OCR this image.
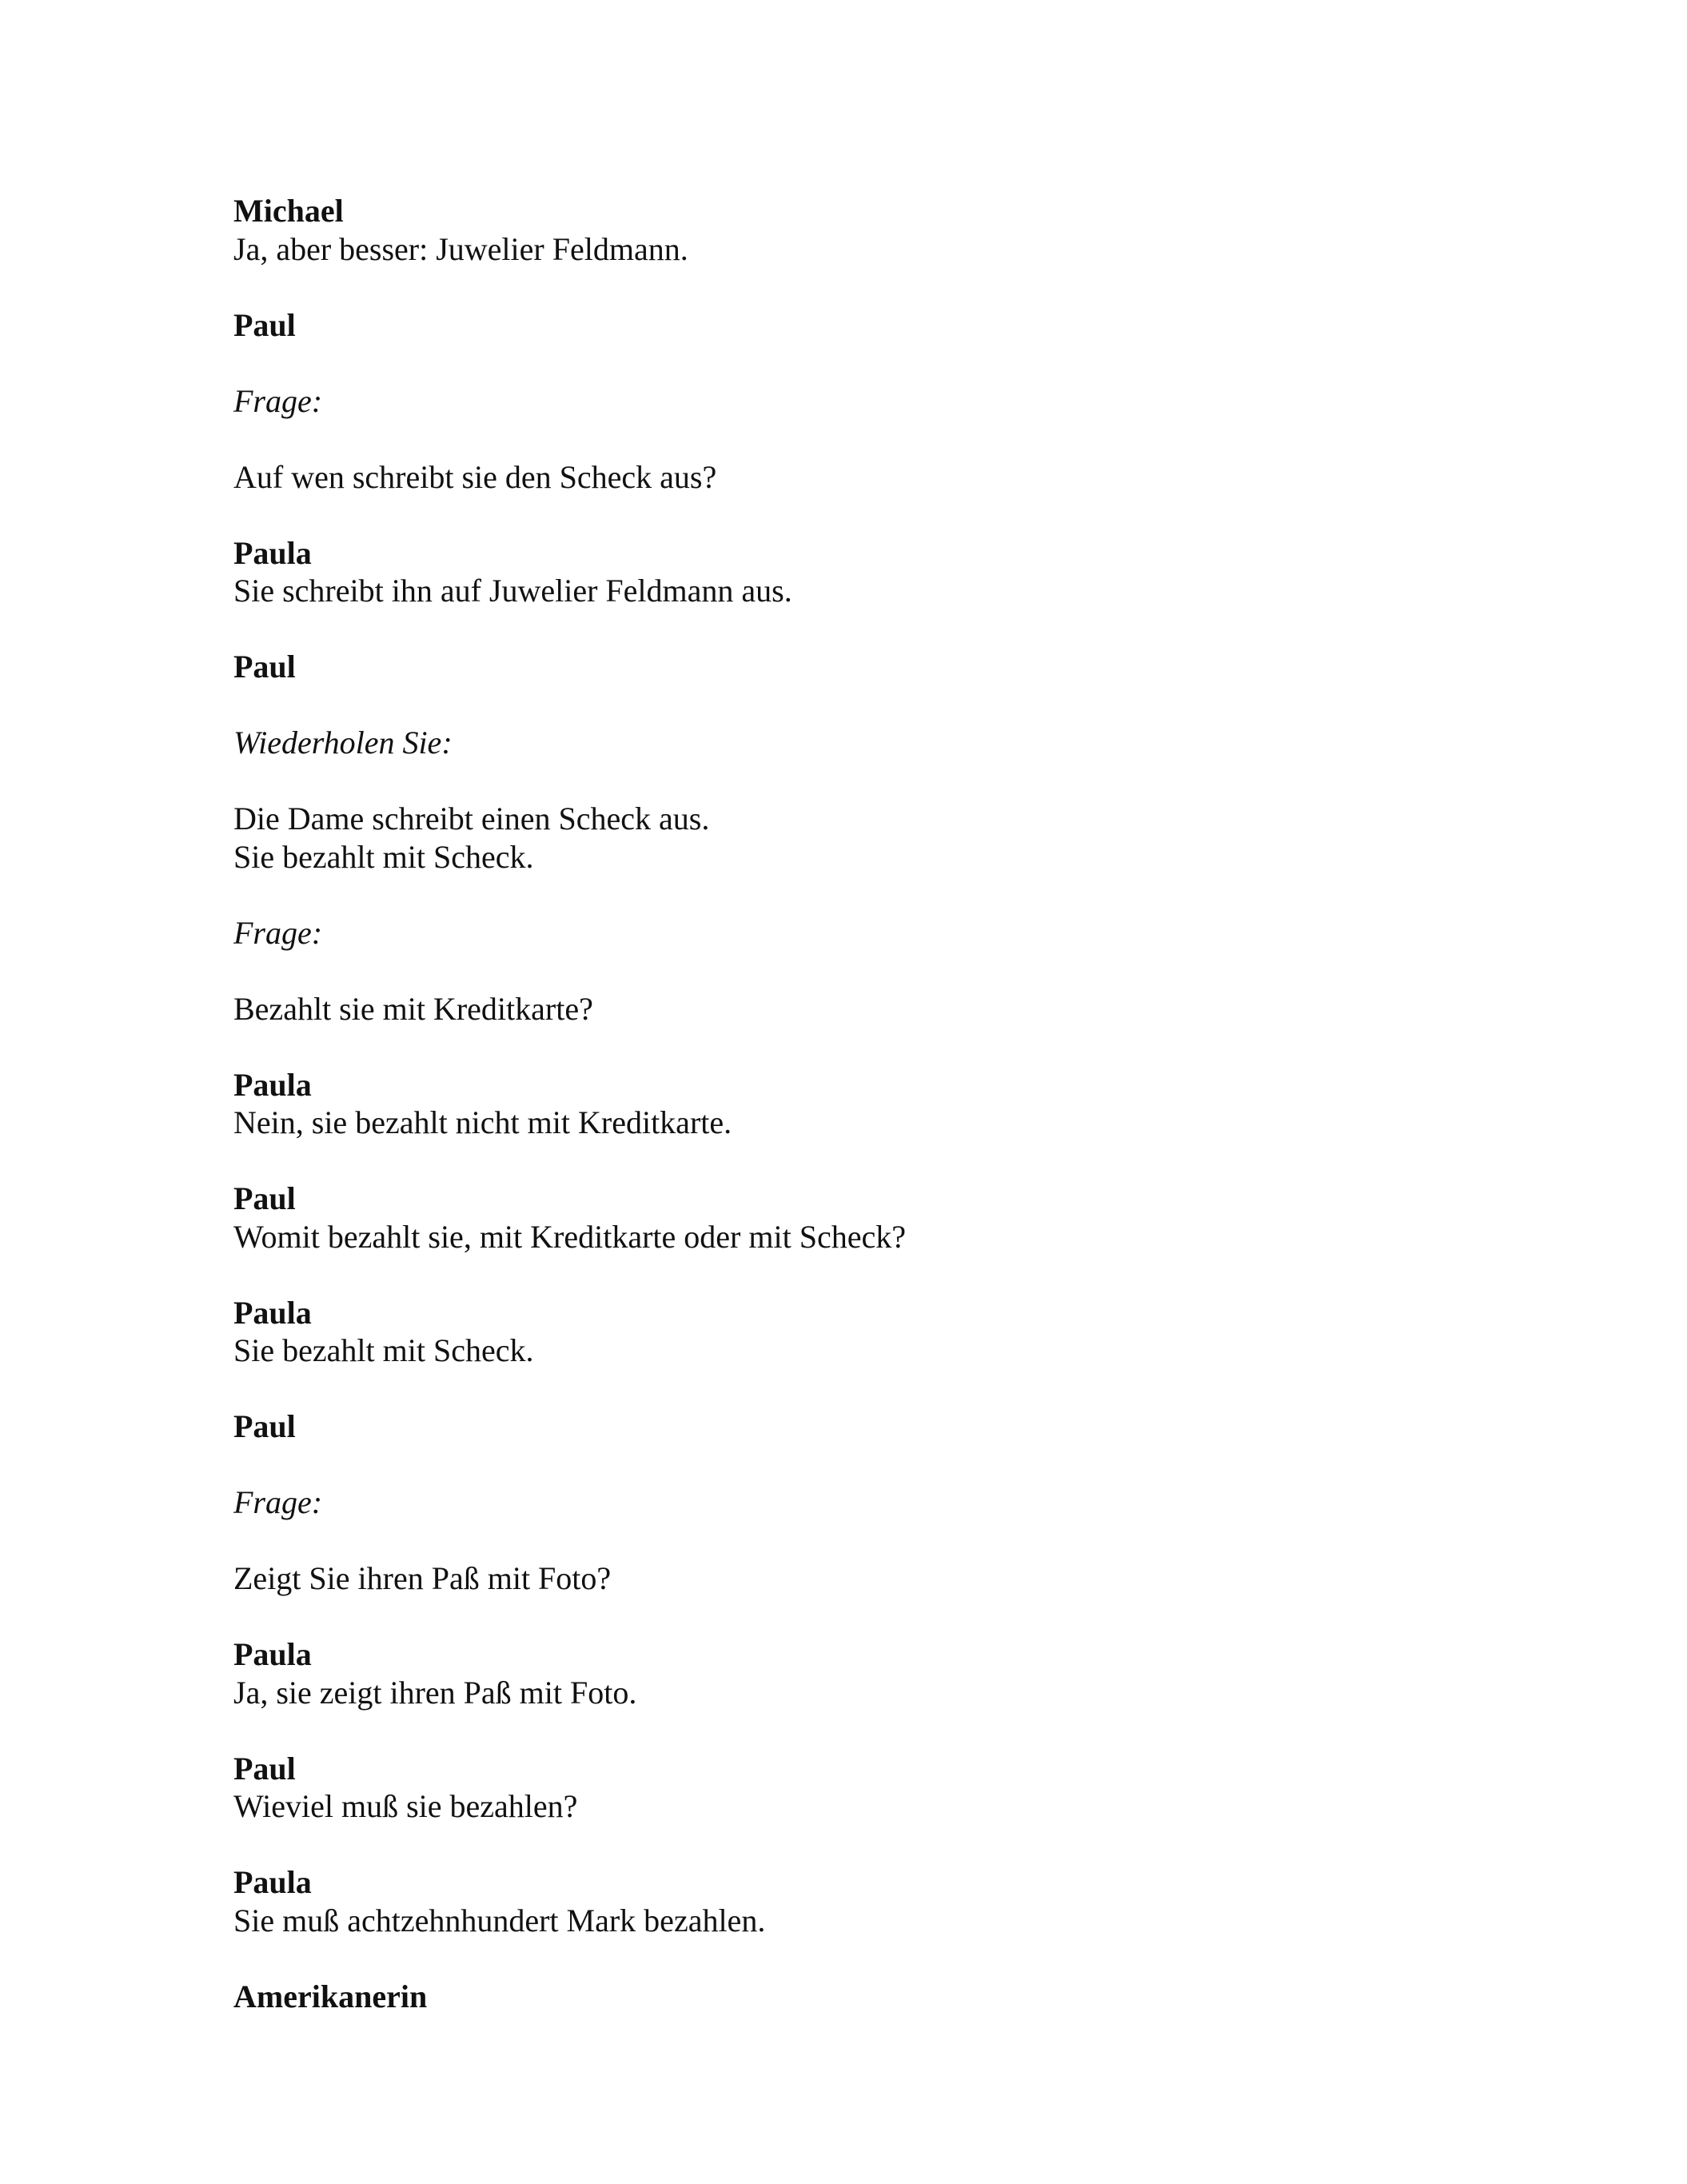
Michael
Ja, aber besser: Juwelier Feldmann.
Paul
Frage:
Auf wen schreibt sie den Scheck aus?
Paula
Sie schreibt ihn auf Juwelier Feldmann aus.
Paul
Wiederholen Sie:
Die Dame schreibt einen Scheck aus.
Sie bezahlt mit Scheck.
Frage:
Bezahlt sie mit Kreditkarte?
Paula
Nein, sie bezahlt nicht mit Kreditkarte.
Paul
Womit bezahlt sie, mit Kreditkarte oder mit Scheck?
Paula
Sie bezahlt mit Scheck.
Paul
Frage:
Zeigt Sie ihren Paß mit Foto?
Paula
Ja, sie zeigt ihren Paß mit Foto.
Paul
Wieviel muß sie bezahlen?
Paula
Sie muß achtzehnhundert Mark bezahlen.
Amerikanerin
